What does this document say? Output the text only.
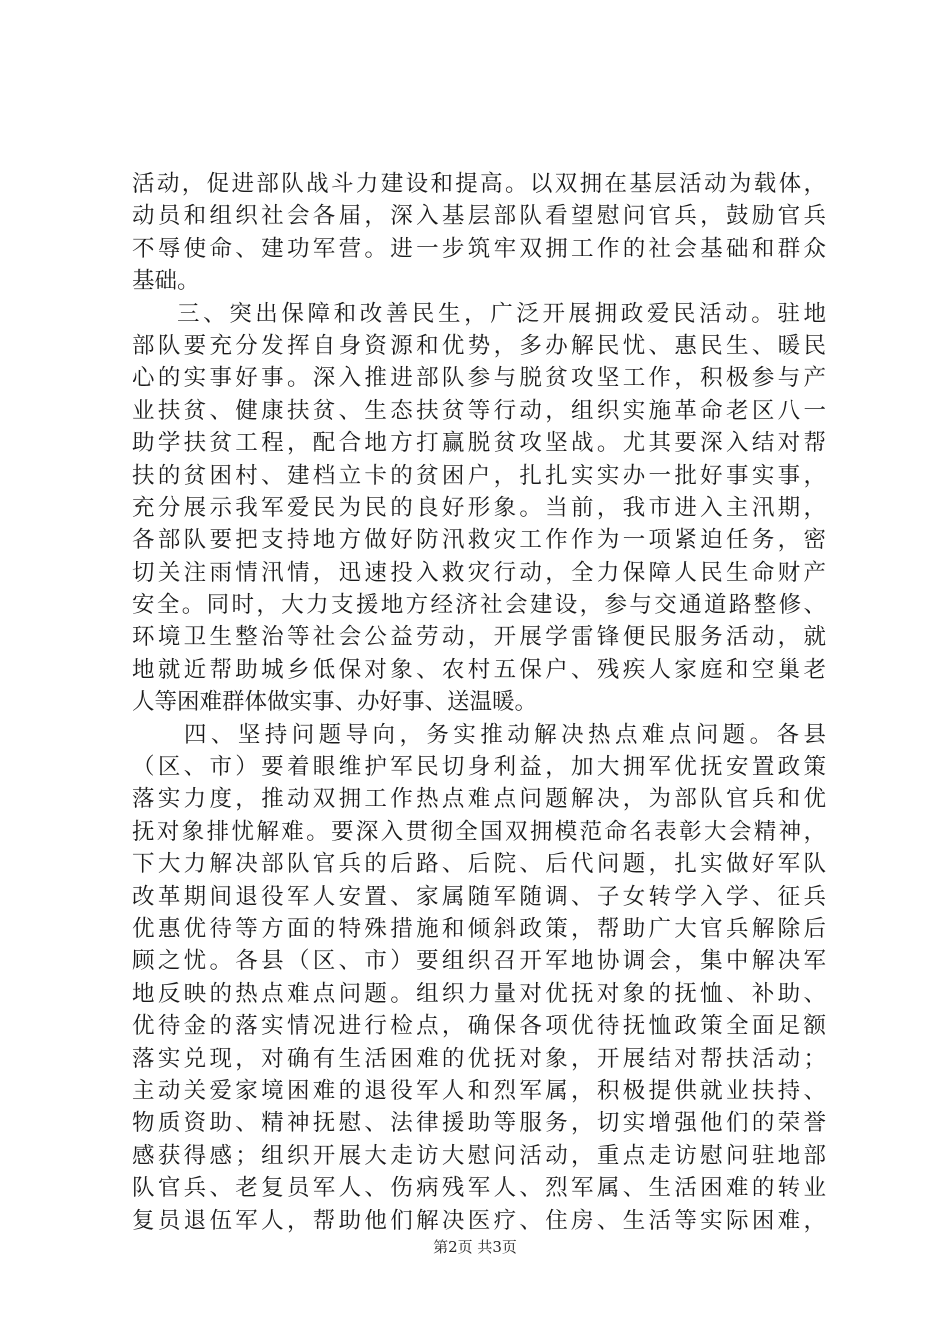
活动，促进部队战斗力建设和提高。以双拥在基层活动为载体，
动员和组织社会各届，深入基层部队看望慰问官兵，鼓励官兵
不辱使命、建功军营。进一步筑牢双拥工作的社会基础和群众
基础。
三、突出保障和改善民生，广泛开展拥政爱民活动。驻地
部队要充分发挥自身资源和优势，多办解民忧、惠民生、暖民
心的实事好事。深入推进部队参与脱贫攻坚工作，积极参与产
业扶贫、健康扶贫、生态扶贫等行动，组织实施革命老区八一
助学扶贫工程，配合地方打赢脱贫攻坚战。尤其要深入结对帮
扶的贫困村、建档立卡的贫困户，扎扎实实办一批好事实事，
充分展示我军爱民为民的良好形象。当前，我市进入主汛期，
各部队要把支持地方做好防汛救灾工作作为一项紧迫任务，密
切关注雨情汛情，迅速投入救灾行动，全力保障人民生命财产
安全。同时，大力支援地方经济社会建设，参与交通道路整修、
环境卫生整治等社会公益劳动，开展学雷锋便民服务活动，就
地就近帮助城乡低保对象、农村五保户、残疾人家庭和空巢老
人等困难群体做实事、办好事、送温暖。
四、坚持问题导向，务实推动解决热点难点问题。各县
（区、市）要着眼维护军民切身利益，加大拥军优抚安置政策
落实力度，推动双拥工作热点难点问题解决，为部队官兵和优
抚对象排忧解难。要深入贯彻全国双拥模范命名表彰大会精神，
下大力解决部队官兵的后路、后院、后代问题，扎实做好军队
改革期间退役军人安置、家属随军随调、子女转学入学、征兵
优惠优待等方面的特殊措施和倾斜政策，帮助广大官兵解除后
顾之忧。各县（区、市）要组织召开军地协调会，集中解决军
地反映的热点难点问题。组织力量对优抚对象的抚恤、补助、
优待金的落实情况进行检点，确保各项优待抚恤政策全面足额
落实兑现，对确有生活困难的优抚对象，开展结对帮扶活动；
主动关爱家境困难的退役军人和烈军属，积极提供就业扶持、
物质资助、精神抚慰、法律援助等服务，切实增强他们的荣誉
感获得感；组织开展大走访大慰问活动，重点走访慰问驻地部
队官兵、老复员军人、伤病残军人、烈军属、生活困难的转业
复员退伍军人，帮助他们解决医疗、住房、生活等实际困难，
第2页 共3页
